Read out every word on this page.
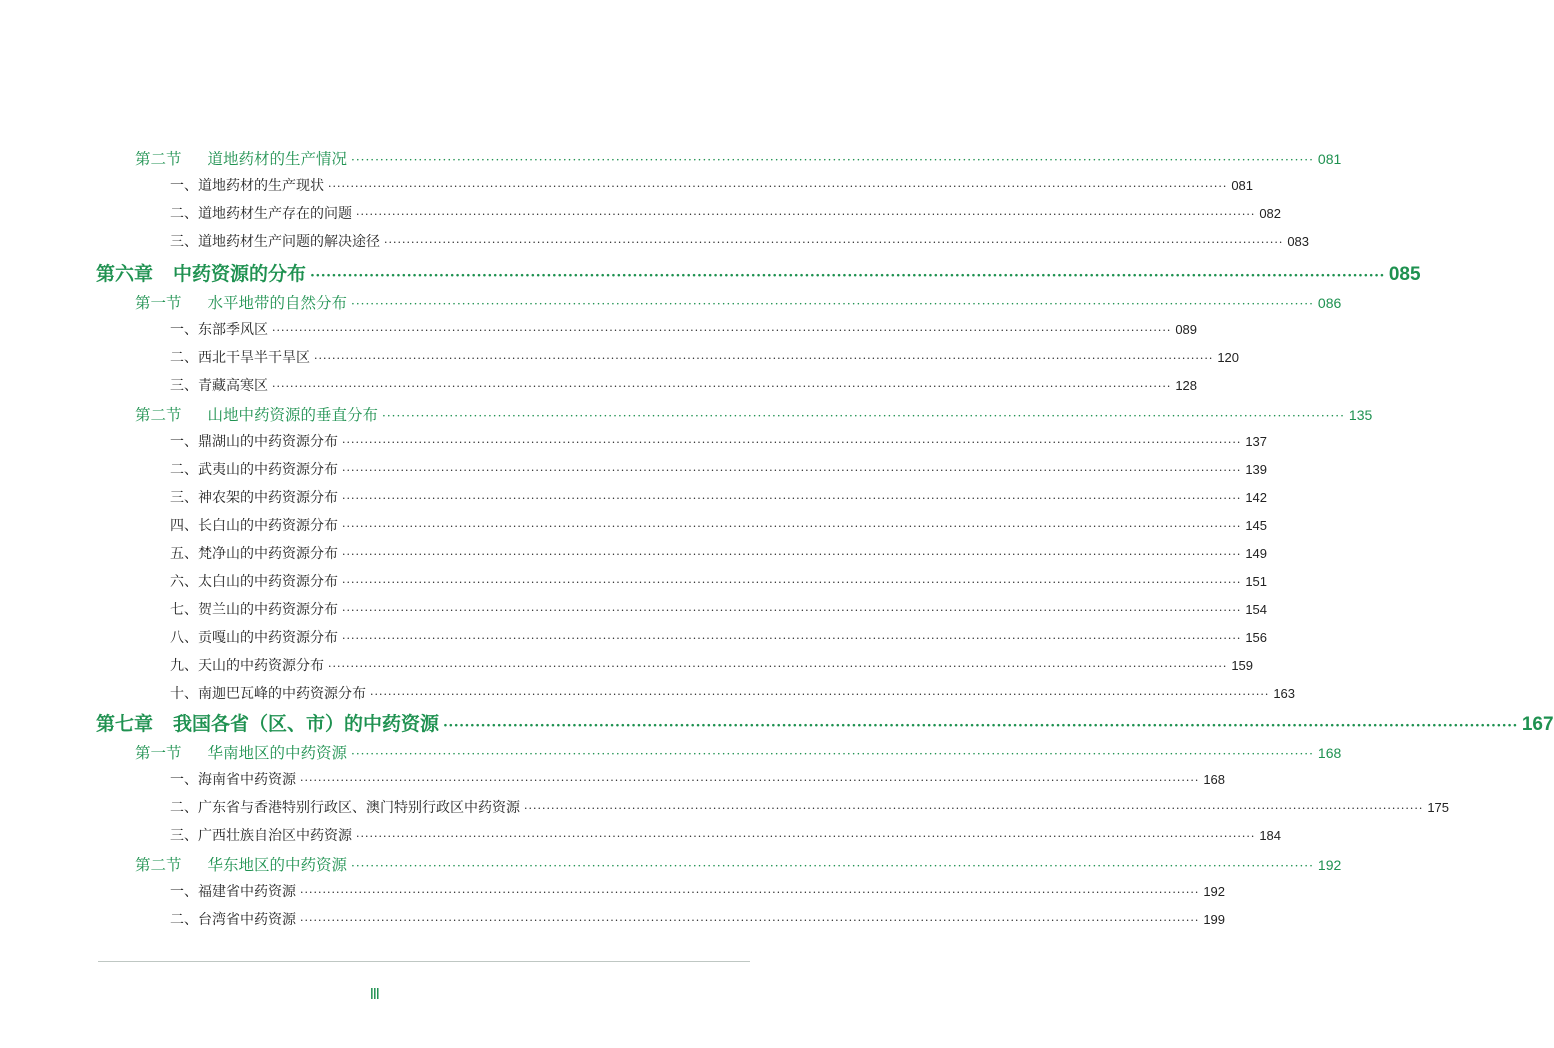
第二节 道地药材的生产情况 ········································································································································································································ 081
一、道地药材的生产现状 ········································································································································································································ 081
二、道地药材生产存在的问题 ········································································································································································································ 082
三、道地药材生产问题的解决途径 ········································································································································································································ 083
第六章 中药资源的分布 ········································································································································································································ 085
第一节 水平地带的自然分布 ········································································································································································································ 086
一、东部季风区 ········································································································································································································ 089
二、西北干旱半干旱区 ········································································································································································································ 120
三、青藏高寒区 ········································································································································································································ 128
第二节 山地中药资源的垂直分布 ········································································································································································································ 135
一、鼎湖山的中药资源分布 ········································································································································································································ 137
二、武夷山的中药资源分布 ········································································································································································································ 139
三、神农架的中药资源分布 ········································································································································································································ 142
四、长白山的中药资源分布 ········································································································································································································ 145
五、梵净山的中药资源分布 ········································································································································································································ 149
六、太白山的中药资源分布 ········································································································································································································ 151
七、贺兰山的中药资源分布 ········································································································································································································ 154
八、贡嘎山的中药资源分布 ········································································································································································································ 156
九、天山的中药资源分布 ········································································································································································································ 159
十、南迦巴瓦峰的中药资源分布 ········································································································································································································ 163
第七章 我国各省（区、市）的中药资源 ········································································································································································································ 167
第一节 华南地区的中药资源 ········································································································································································································ 168
一、海南省中药资源 ········································································································································································································ 168
二、广东省与香港特别行政区、澳门特别行政区中药资源 ········································································································································································································ 175
三、广西壮族自治区中药资源 ········································································································································································································ 184
第二节 华东地区的中药资源 ········································································································································································································ 192
一、福建省中药资源 ········································································································································································································ 192
二、台湾省中药资源 ········································································································································································································ 199
Ⅲ
